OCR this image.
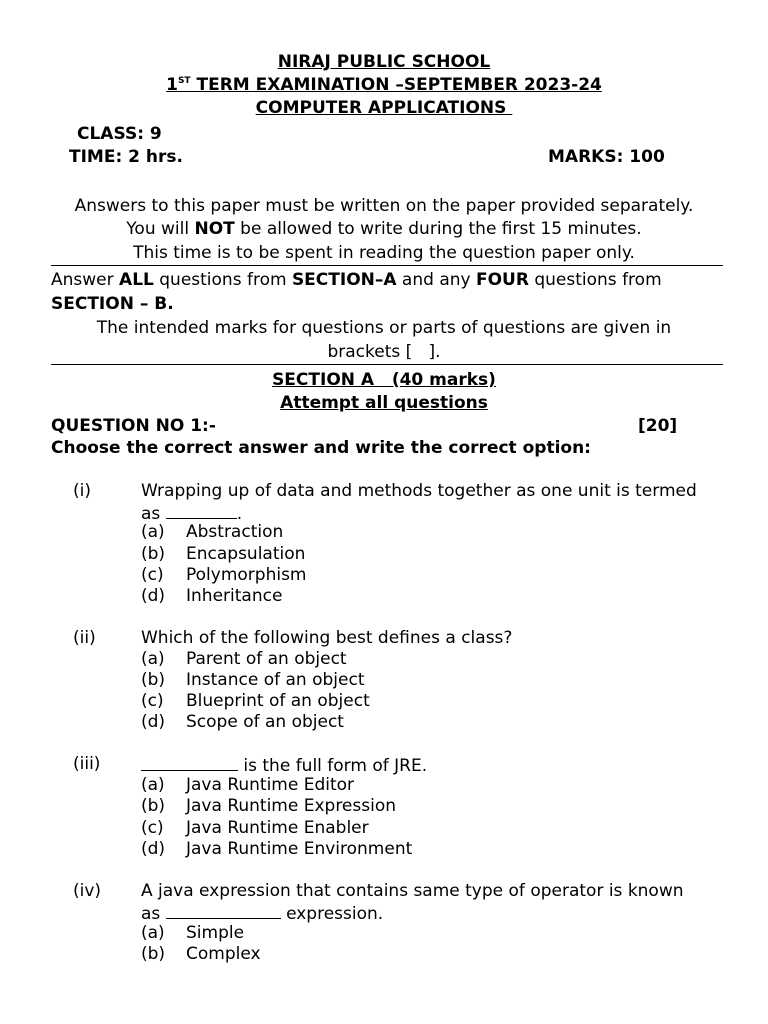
NIRAJ PUBLIC SCHOOL
1ST TERM EXAMINATION –SEPTEMBER 2023-24
COMPUTER APPLICATIONS
CLASS: 9
TIME: 2 hrs.	MARKS: 100
Answers to this paper must be written on the paper provided separately.
You will NOT be allowed to write during the first 15 minutes.
This time is to be spent in reading the question paper only.
Answer ALL questions from SECTION–A and any FOUR questions from
SECTION – B.
The intended marks for questions or parts of questions are given in
brackets [   ].
SECTION A   (40 marks)
Attempt all questions
QUESTION NO 1:-	[20]
Choose the correct answer and write the correct option:
(i)	Wrapping up of data and methods together as one unit is termed
as	.
(a) Abstraction
(b) Encapsulation
(c) Polymorphism
(d) Inheritance
(ii)	Which of the following best defines a class?
(a) Parent of an object
(b) Instance of an object
(c) Blueprint of an object
(d) Scope of an object
(iii)	is the full form of JRE.
(a) Java Runtime Editor
(b) Java Runtime Expression
(c) Java Runtime Enabler
(d) Java Runtime Environment
(iv) A java expression that contains same type of operator is known
as	expression.
(a) Simple
(b) Complex
